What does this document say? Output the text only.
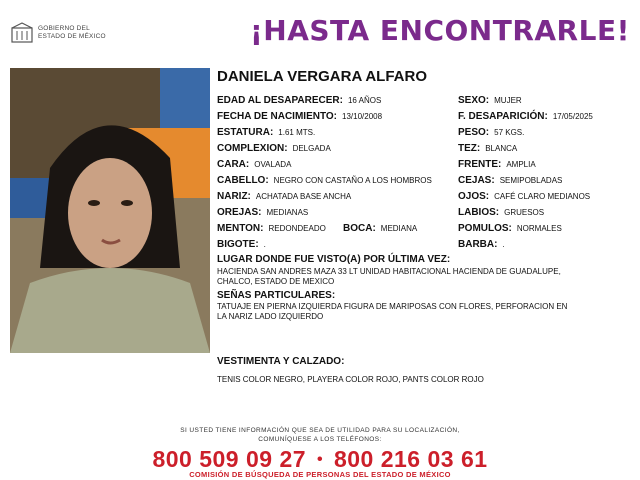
GOBIERNO DEL
ESTADO DE MÉXICO	¡HASTA ENCONTRARLE!
DANIELA VERGARA ALFARO
EDAD AL DESAPARECER: 16 AÑOS
FECHA DE NACIMIENTO: 13/10/2008
ESTATURA: 1.61 MTS.
COMPLEXION: DELGADA
CARA: OVALADA
CABELLO: NEGRO CON CASTAÑO A LOS HOMBROS
NARIZ: ACHATADA BASE ANCHA
OREJAS: MEDIANAS
MENTON: REDONDEADO BOCA: MEDIANA
BIGOTE: .
SEXO: MUJER
F. DESAPARICIÓN: 17/05/2025
PESO: 57 KGS.
TEZ: BLANCA
FRENTE: AMPLIA
CEJAS: SEMIPOBLADAS
OJOS: CAFÉ CLARO MEDIANOS
LABIOS: GRUESOS
POMULOS: NORMALES
BARBA: .
LUGAR DONDE FUE VISTO(A) POR ÚLTIMA VEZ:
HACIENDA SAN ANDRES MAZA 33 LT UNIDAD HABITACIONAL HACIENDA DE GUADALUPE, CHALCO, ESTADO DE MEXICO
SEÑAS PARTICULARES:
TATUAJE EN PIERNA IZQUIERDA FIGURA DE MARIPOSAS CON FLORES, PERFORACION EN LA NARIZ LADO IZQUIERDO
VESTIMENTA Y CALZADO:
TENIS COLOR NEGRO, PLAYERA COLOR ROJO, PANTS COLOR ROJO
SI USTED TIENE INFORMACIÓN QUE SEA DE UTILIDAD PARA SU LOCALIZACIÓN,
COMUNÍQUESE A LOS TELÉFONOS:
800 509 09 27 • 800 216 03 61
COMISIÓN DE BÚSQUEDA DE PERSONAS DEL ESTADO DE MÉXICO
